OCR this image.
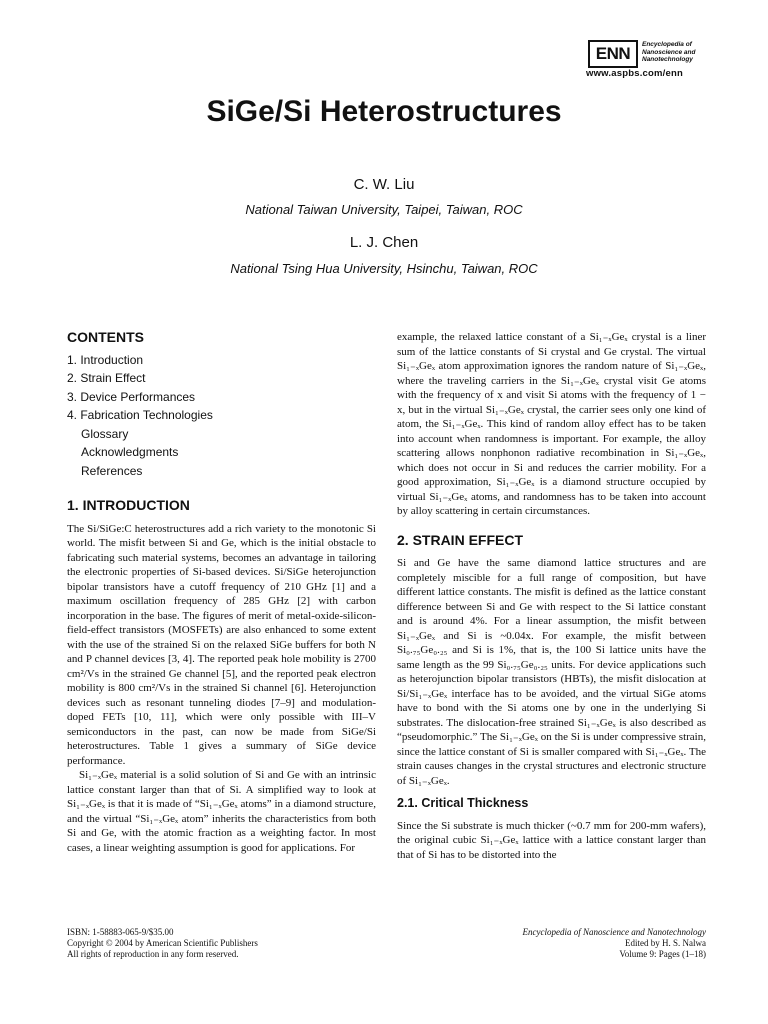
ENN	Encyclopedia of
Nanoscience and
Nanotechnology
www.aspbs.com/enn
SiGe/Si Heterostructures
C. W. Liu
National Taiwan University, Taipei, Taiwan, ROC
L. J. Chen
National Tsing Hua University, Hsinchu, Taiwan, ROC
CONTENTS
1. Introduction
2. Strain Effect
3. Device Performances
4. Fabrication Technologies
Glossary
Acknowledgments
References
1. INTRODUCTION

The Si/SiGe:C heterostructures add a rich variety to the monotonic Si world. The misfit between Si and Ge, which is the initial obstacle to fabricating such material systems, becomes an advantage in tailoring the electronic properties of Si-based devices. Si/SiGe heterojunction bipolar transistors have a cutoff frequency of 210 GHz [1] and a maximum oscillation frequency of 285 GHz [2] with carbon incorporation in the base. The figures of merit of metal-oxide-silicon-field-effect transistors (MOSFETs) are also enhanced to some extent with the use of the strained Si on the relaxed SiGe buffers for both N and P channel devices [3, 4]. The reported peak hole mobility is 2700 cm²/Vs in the strained Ge channel [5], and the reported peak electron mobility is 800 cm²/Vs in the strained Si channel [6]. Heterojunction devices such as resonant tunneling diodes [7–9] and modulation-doped FETs [10, 11], which were only possible with III–V semiconductors in the past, can now be made from SiGe/Si heterostructures. Table 1 gives a summary of SiGe device performance.

Si₁₋ₓGeₓ material is a solid solution of Si and Ge with an intrinsic lattice constant larger than that of Si. A simplified way to look at Si₁₋ₓGeₓ is that it is made of “Si₁₋ₓGeₓ atoms” in a diamond structure, and the virtual “Si₁₋ₓGeₓ atom” inherits the characteristics from both Si and Ge, with the atomic fraction as a weighting factor. In most cases, a linear weighting assumption is good for applications. For

example, the relaxed lattice constant of a Si₁₋ₓGeₓ crystal is a liner sum of the lattice constants of Si crystal and Ge crystal. The virtual Si₁₋ₓGeₓ atom approximation ignores the random nature of Si₁₋ₓGeₓ, where the traveling carriers in the Si₁₋ₓGeₓ crystal visit Ge atoms with the frequency of x and visit Si atoms with the frequency of 1 − x, but in the virtual Si₁₋ₓGeₓ crystal, the carrier sees only one kind of atom, the Si₁₋ₓGeₓ. This kind of random alloy effect has to be taken into account when randomness is important. For example, the alloy scattering allows nonphonon radiative recombination in Si₁₋ₓGeₓ, which does not occur in Si and reduces the carrier mobility. For a good approximation, Si₁₋ₓGeₓ is a diamond structure occupied by virtual Si₁₋ₓGeₓ atoms, and randomness has to be taken into account by alloy scattering in certain circumstances.

2. STRAIN EFFECT

Si and Ge have the same diamond lattice structures and are completely miscible for a full range of composition, but have different lattice constants. The misfit is defined as the lattice constant difference between Si and Ge with respect to the Si lattice constant and is around 4%. For a linear assumption, the misfit between Si₁₋ₓGeₓ and Si is ~0.04x. For example, the misfit between Si₀.₇₅Ge₀.₂₅ and Si is 1%, that is, the 100 Si lattice units have the same length as the 99 Si₀.₇₅Ge₀.₂₅ units. For device applications such as heterojunction bipolar transistors (HBTs), the misfit dislocation at Si/Si₁₋ₓGeₓ interface has to be avoided, and the virtual SiGe atoms have to bond with the Si atoms one by one in the underlying Si substrates. The dislocation-free strained Si₁₋ₓGeₓ is also described as “pseudomorphic.” The Si₁₋ₓGeₓ on the Si is under compressive strain, since the lattice constant of Si is smaller compared with Si₁₋ₓGeₓ. The strain causes changes in the crystal structures and electronic structure of Si₁₋ₓGeₓ.

2.1. Critical Thickness

Since the Si substrate is much thicker (~0.7 mm for 200-mm wafers), the original cubic Si₁₋ₓGeₓ lattice with a lattice constant larger than that of Si has to be distorted into the

ISBN: 1-58883-065-9/$35.00
Copyright © 2004 by American Scientific Publishers
All rights of reproduction in any form reserved.
Encyclopedia of Nanoscience and Nanotechnology
Edited by H. S. Nalwa
Volume 9: Pages (1–18)
